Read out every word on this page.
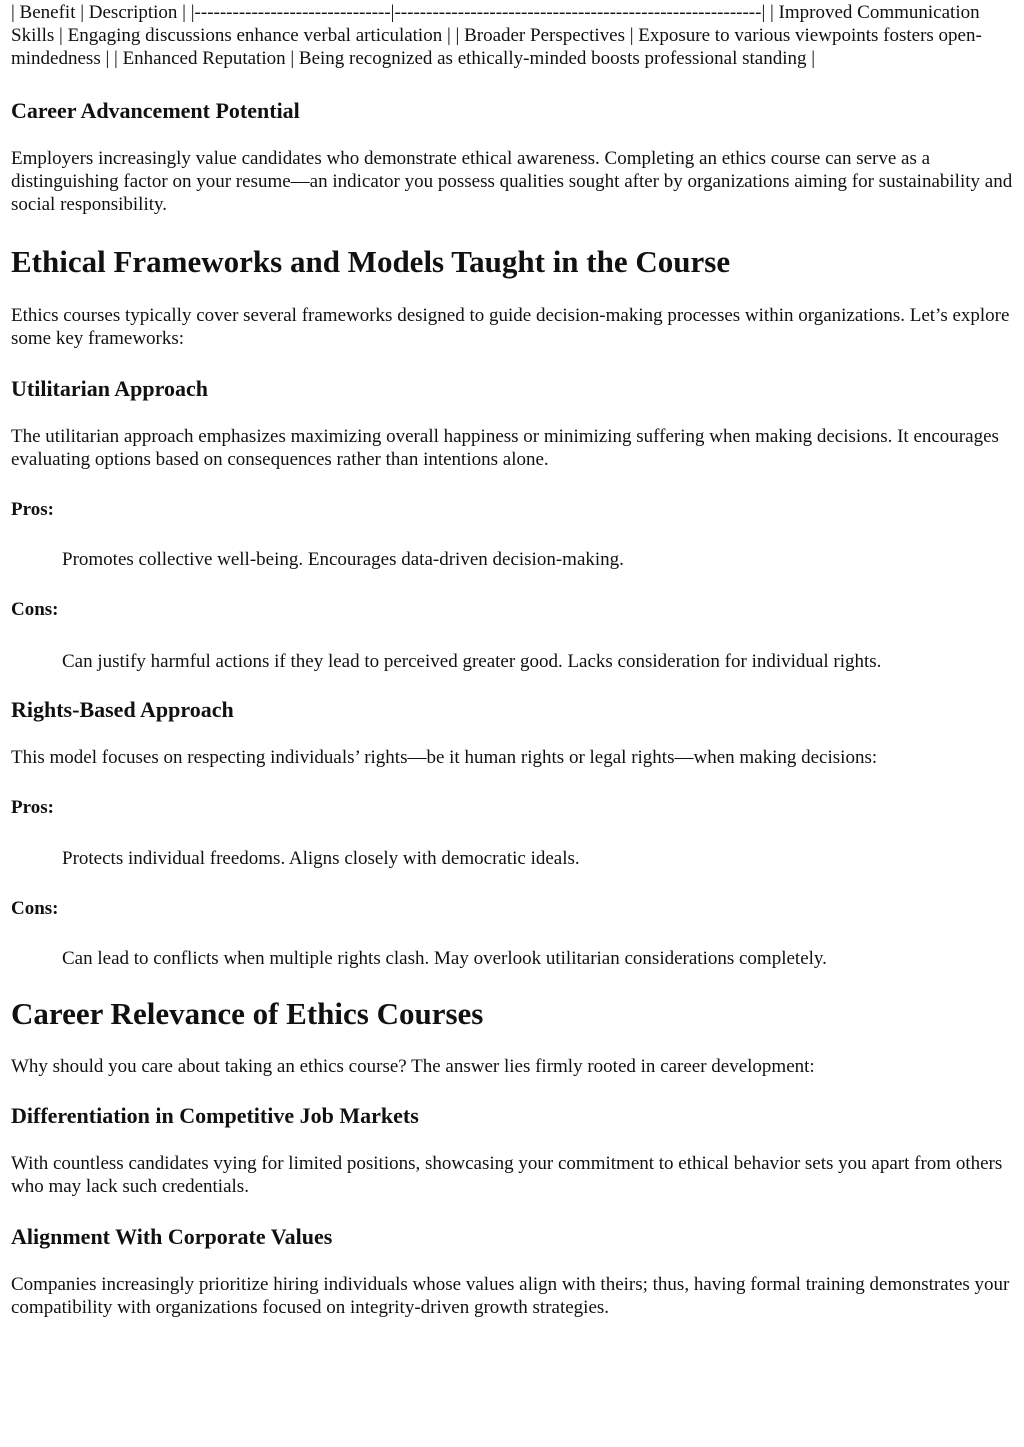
| Benefit | Description | |-------------------------------|----------------------------------------------------------| | Improved Communication Skills | Engaging discussions enhance verbal articulation | | Broader Perspectives | Exposure to various viewpoints fosters open-mindedness | | Enhanced Reputation | Being recognized as ethically-minded boosts professional standing |

Career Advancement Potential

Employers increasingly value candidates who demonstrate ethical awareness. Completing an ethics course can serve as a distinguishing factor on your resume—an indicator you possess qualities sought after by organizations aiming for sustainability and social responsibility.

Ethical Frameworks and Models Taught in the Course

Ethics courses typically cover several frameworks designed to guide decision-making processes within organizations. Let’s explore some key frameworks:

Utilitarian Approach

The utilitarian approach emphasizes maximizing overall happiness or minimizing suffering when making decisions. It encourages evaluating options based on consequences rather than intentions alone.

Pros:

Promotes collective well-being. Encourages data-driven decision-making.

Cons:

Can justify harmful actions if they lead to perceived greater good. Lacks consideration for individual rights.

Rights-Based Approach

This model focuses on respecting individuals’ rights—be it human rights or legal rights—when making decisions:

Pros:

Protects individual freedoms. Aligns closely with democratic ideals.

Cons:

Can lead to conflicts when multiple rights clash. May overlook utilitarian considerations completely.

Career Relevance of Ethics Courses

Why should you care about taking an ethics course? The answer lies firmly rooted in career development:

Differentiation in Competitive Job Markets

With countless candidates vying for limited positions, showcasing your commitment to ethical behavior sets you apart from others who may lack such credentials.

Alignment With Corporate Values

Companies increasingly prioritize hiring individuals whose values align with theirs; thus, having formal training demonstrates your compatibility with organizations focused on integrity-driven growth strategies.
